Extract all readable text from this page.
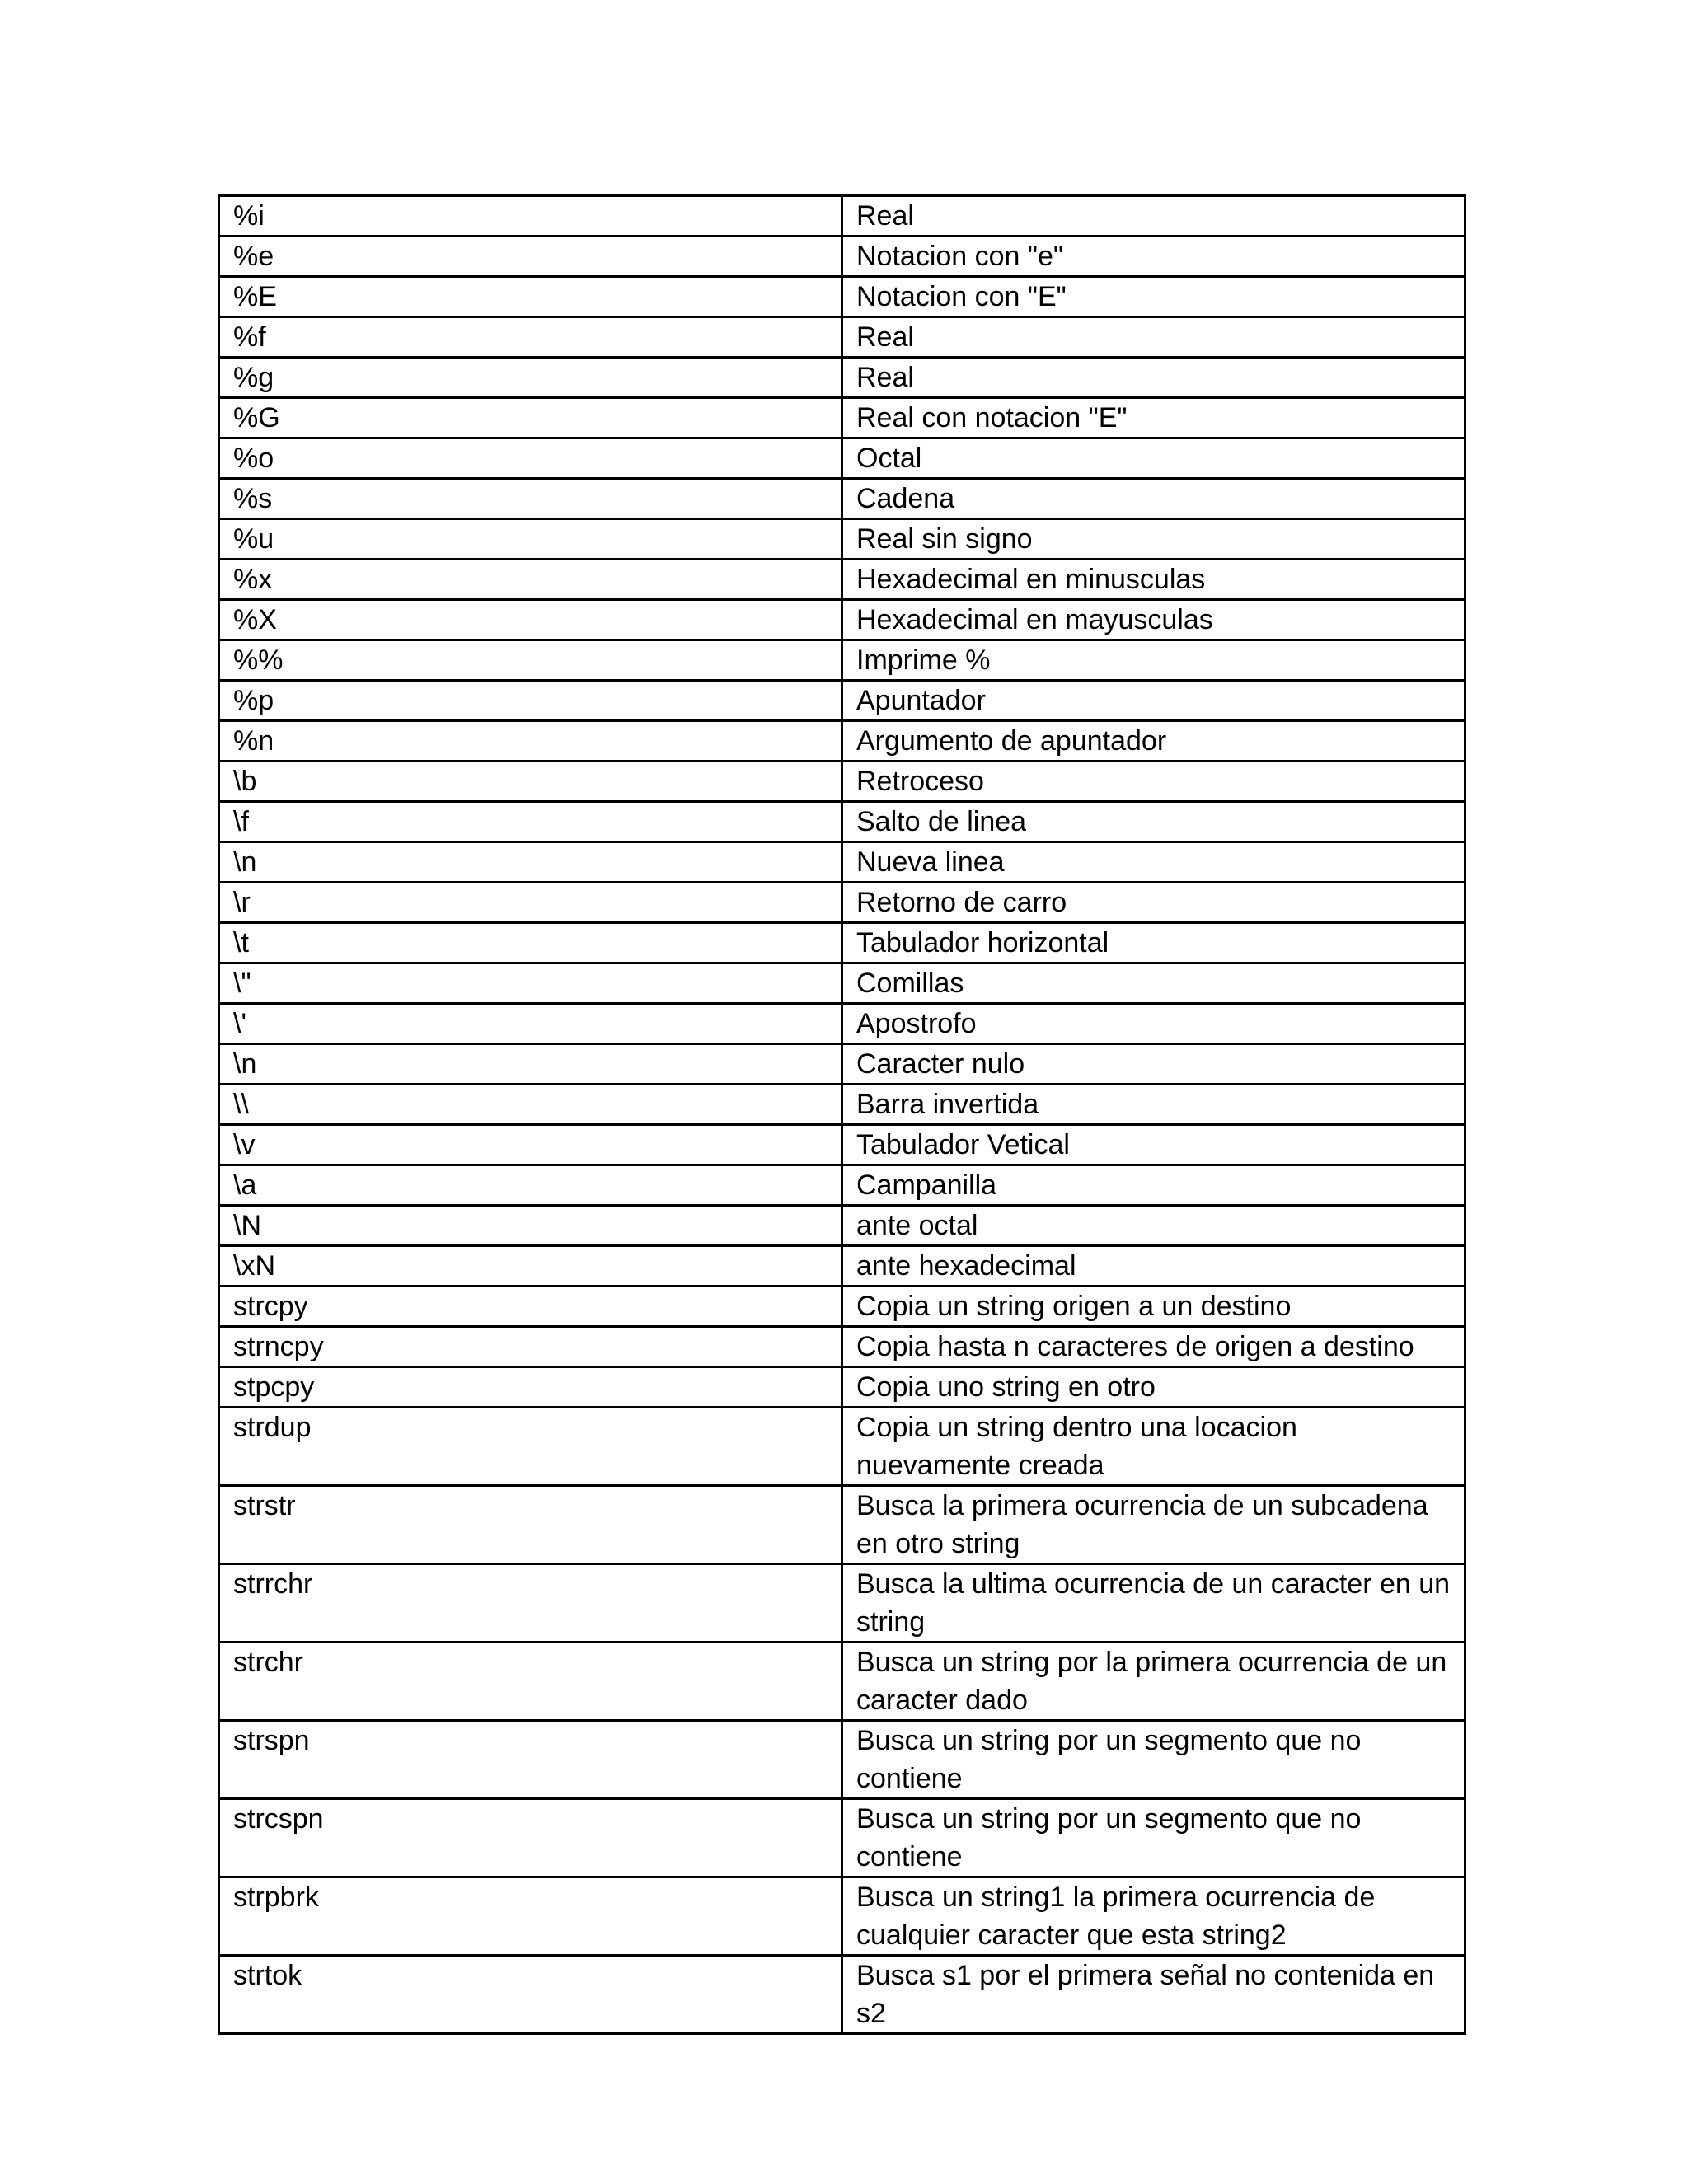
%i	Real
%e	Notacion con "e"
%E	Notacion con "E"
%f	Real
%g	Real
%G	Real con notacion "E"
%o	Octal
%s	Cadena
%u	Real sin signo
%x	Hexadecimal en minusculas
%X	Hexadecimal en mayusculas
%%	Imprime %
%p	Apuntador
%n	Argumento de apuntador
\b	Retroceso
\f	Salto de linea
\n	Nueva linea
\r	Retorno de carro
\t	Tabulador horizontal
\"	Comillas
\'	Apostrofo
\n	Caracter nulo
\\	Barra invertida
\v	Tabulador Vetical
\a	Campanilla
\N	ante octal
\xN	ante hexadecimal
strcpy	Copia un string origen a un destino
strncpy	Copia hasta n caracteres de origen a destino
stpcpy	Copia uno string en otro
strdup	Copia un string dentro una locacion nuevamente creada
strstr	Busca la primera ocurrencia de un subcadena en otro string
strrchr	Busca la ultima ocurrencia de un caracter en un string
strchr	Busca un string por la primera ocurrencia de un caracter dado
strspn	Busca un string por un segmento que no contiene
strcspn	Busca un string por un segmento que no contiene
strpbrk	Busca un string1 la primera ocurrencia de cualquier caracter que esta string2
strtok	Busca s1 por el primera señal no contenida en s2
